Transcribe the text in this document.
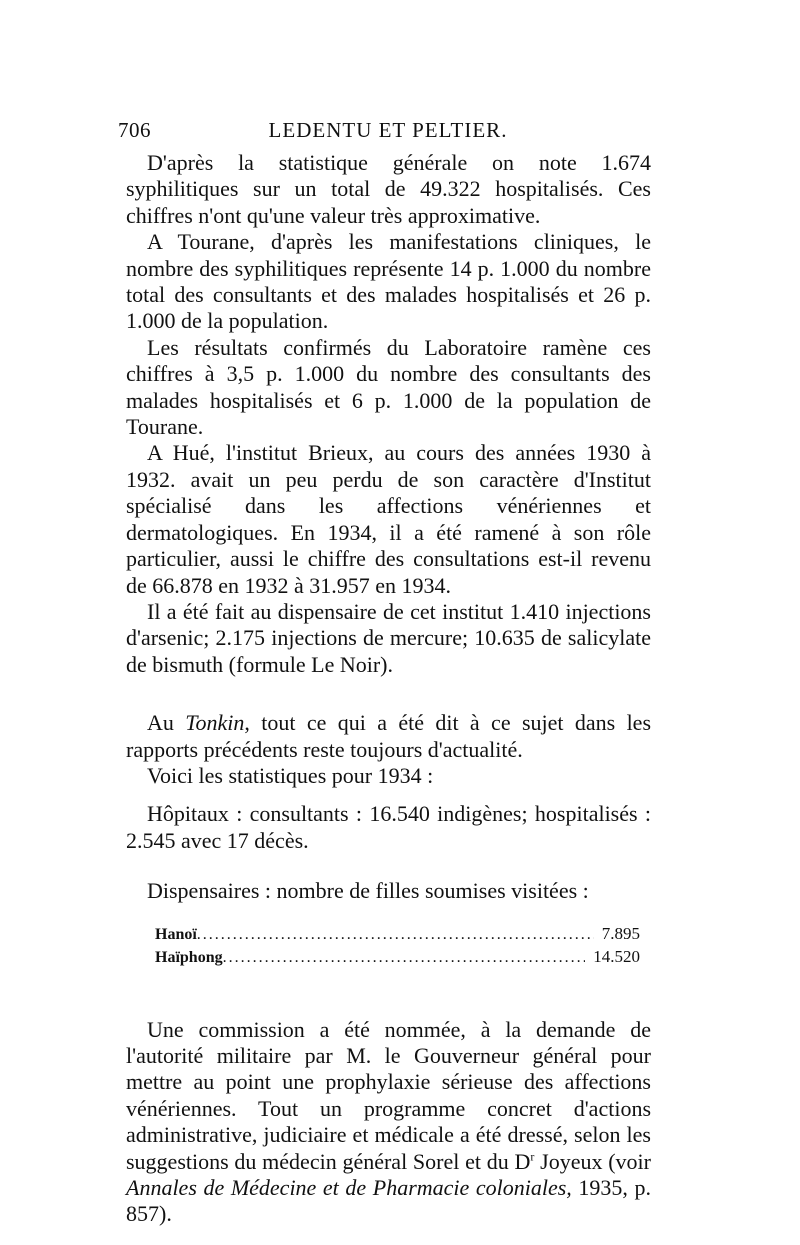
706	LEDENTU ET PELTIER.

D'après la statistique générale on note 1.674 syphilitiques sur un total de 49.322 hospitalisés. Ces chiffres n'ont qu'une valeur très approximative.

A Tourane, d'après les manifestations cliniques, le nombre des syphilitiques représente 14 p. 1.000 du nombre total des consultants et des malades hospitalisés et 26 p. 1.000 de la population.

Les résultats confirmés du Laboratoire ramène ces chiffres à 3,5 p. 1.000 du nombre des consultants des malades hospitalisés et 6 p. 1.000 de la population de Tourane.

A Hué, l'institut Brieux, au cours des années 1930 à 1932. avait un peu perdu de son caractère d'Institut spécialisé dans les affections vénériennes et dermatologiques. En 1934, il a été ramené à son rôle particulier, aussi le chiffre des consultations est-il revenu de 66.878 en 1932 à 31.957 en 1934.

Il a été fait au dispensaire de cet institut 1.410 injections d'arsenic; 2.175 injections de mercure; 10.635 de salicylate de bismuth (formule Le Noir).

Au Tonkin, tout ce qui a été dit à ce sujet dans les rapports précédents reste toujours d'actualité.

Voici les statistiques pour 1934 :

Hôpitaux : consultants : 16.540 indigènes; hospitalisés : 2.545 avec 17 décès.

Dispensaires : nombre de filles soumises visitées :

Hanoï .....	7.895
Haïphong .....	14.520

Une commission a été nommée, à la demande de l'autorité militaire par M. le Gouverneur général pour mettre au point une prophylaxie sérieuse des affections vénériennes. Tout un programme concret d'actions administrative, judiciaire et médicale a été dressé, selon les suggestions du médecin général Sorel et du $D^r$ Joyeux (voir Annales de Médecine et de Pharmacie coloniales, 1935, p. 857).
